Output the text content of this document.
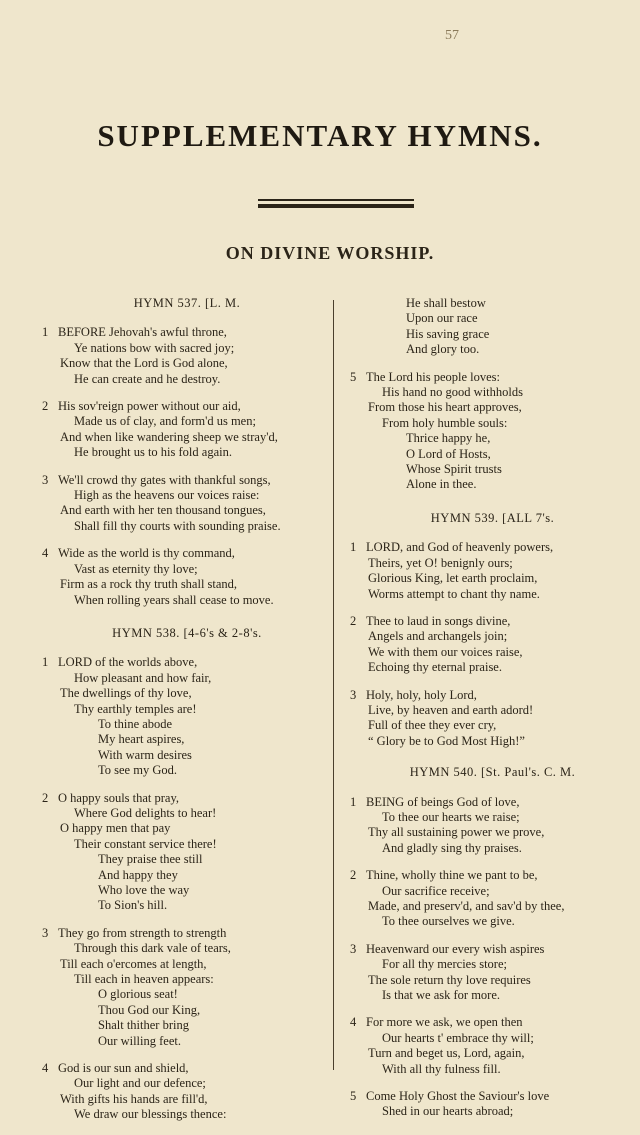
57
SUPPLEMENTARY HYMNS.
ON DIVINE WORSHIP.
HYMN 537. [L. M.
1 BEFORE Jehovah's awful throne,
Ye nations bow with sacred joy;
Know that the Lord is God alone,
He can create and he destroy.
2 His sov'reign power without our aid,
Made us of clay, and form'd us men;
And when like wandering sheep we stray'd,
He brought us to his fold again.
3 We'll crowd thy gates with thankful songs,
High as the heavens our voices raise:
And earth with her ten thousand tongues,
Shall fill thy courts with sounding praise.
4 Wide as the world is thy command,
Vast as eternity thy love;
Firm as a rock thy truth shall stand,
When rolling years shall cease to move.
HYMN 538. [4-6's & 2-8's.
1 LORD of the worlds above,
How pleasant and how fair,
The dwellings of thy love,
Thy earthly temples are!
To thine abode
My heart aspires,
With warm desires
To see my God.
2 O happy souls that pray,
Where God delights to hear!
O happy men that pay
Their constant service there!
They praise thee still
And happy they
Who love the way
To Sion's hill.
3 They go from strength to strength
Through this dark vale of tears,
Till each o'ercomes at length,
Till each in heaven appears:
O glorious seat!
Thou God our King,
Shalt thither bring
Our willing feet.
4 God is our sun and shield,
Our light and our defence;
With gifts his hands are fill'd,
We draw our blessings thence:
He shall bestow
Upon our race
His saving grace
And glory too.
5 The Lord his people loves:
His hand no good withholds
From those his heart approves,
From holy humble souls:
Thrice happy he,
O Lord of Hosts,
Whose Spirit trusts
Alone in thee.
HYMN 539. [ALL 7's.
1 LORD, and God of heavenly powers,
Theirs, yet O! benignly ours;
Glorious King, let earth proclaim,
Worms attempt to chant thy name.
2 Thee to laud in songs divine,
Angels and archangels join;
We with them our voices raise,
Echoing thy eternal praise.
3 Holy, holy, holy Lord,
Live, by heaven and earth adord!
Full of thee they ever cry,
“ Glory be to God Most High!”
HYMN 540. [St. Paul's. C. M.
1 BEING of beings God of love,
To thee our hearts we raise;
Thy all sustaining power we prove,
And gladly sing thy praises.
2 Thine, wholly thine we pant to be,
Our sacrifice receive;
Made, and preserv'd, and sav'd by thee,
To thee ourselves we give.
3 Heavenward our every wish aspires
For all thy mercies store;
The sole return thy love requires
Is that we ask for more.
4 For more we ask, we open then
Our hearts t' embrace thy will;
Turn and beget us, Lord, again,
With all thy fulness fill.
5 Come Holy Ghost the Saviour's love
Shed in our hearts abroad;
